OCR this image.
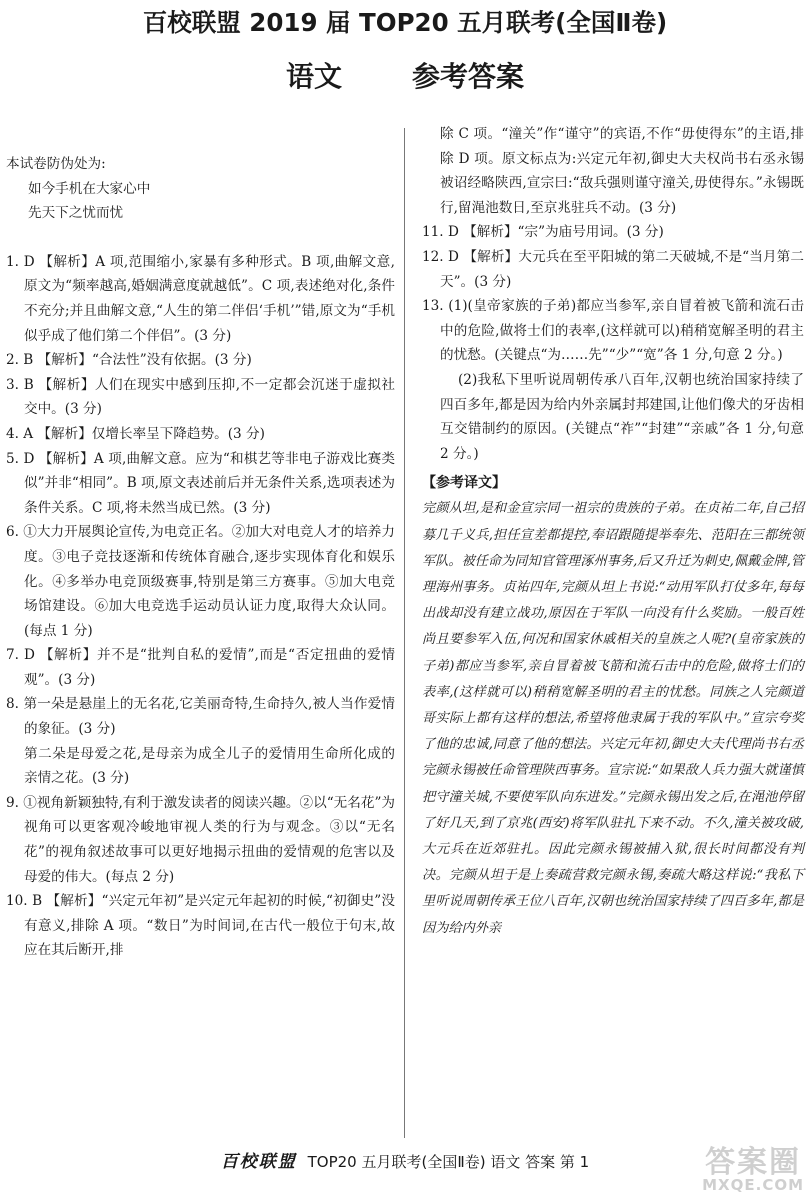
百校联盟 2019 届 TOP20 五月联考(全国Ⅱ卷)
语文	参考答案

本试卷防伪处为:

如今手机在大家心中

先天下之忧而忧

1. D 【解析】A 项,范围缩小,家暴有多种形式。B 项,曲解文意,原文为“频率越高,婚姻满意度就越低”。C 项,表述绝对化,条件不充分;并且曲解文意,“人生的第二伴侣‘手机’”错,原文为“手机似乎成了他们第二个伴侣”。(3 分)

2. B 【解析】“合法性”没有依据。(3 分)

3. B 【解析】人们在现实中感到压抑,不一定都会沉迷于虚拟社交中。(3 分)

4. A 【解析】仅增长率呈下降趋势。(3 分)

5. D 【解析】A 项,曲解文意。应为“和棋艺等非电子游戏比赛类似”并非“相同”。B 项,原文表述前后并无条件关系,选项表述为条件关系。C 项,将未然当成已然。(3 分)

6. ①大力开展舆论宣传,为电竞正名。②加大对电竞人才的培养力度。③电子竞技逐渐和传统体育融合,逐步实现体育化和娱乐化。④多举办电竞顶级赛事,特别是第三方赛事。⑤加大电竞场馆建设。⑥加大电竞选手运动员认证力度,取得大众认同。(每点 1 分)

7. D 【解析】并不是“批判自私的爱情”,而是“否定扭曲的爱情观”。(3 分)

8. 第一朵是悬崖上的无名花,它美丽奇特,生命持久,被人当作爱情的象征。(3 分)

第二朵是母爱之花,是母亲为成全儿子的爱情用生命所化成的亲情之花。(3 分)

9. ①视角新颖独特,有利于激发读者的阅读兴趣。②以“无名花”为视角可以更客观冷峻地审视人类的行为与观念。③以“无名花”的视角叙述故事可以更好地揭示扭曲的爱情观的危害以及母爱的伟大。(每点 2 分)

10. B 【解析】“兴定元年初”是兴定元年起初的时候,“初御史”没有意义,排除 A 项。“数日”为时间词,在古代一般位于句末,故应在其后断开,排

除 C 项。“潼关”作“谨守”的宾语,不作“毋使得东”的主语,排除 D 项。原文标点为:兴定元年初,御史大夫权尚书右丞永锡被诏经略陕西,宣宗曰:“敌兵强则谨守潼关,毋使得东。”永锡既行,留渑池数日,至京兆驻兵不动。(3 分)

11. D 【解析】“宗”为庙号用词。(3 分)

12. D 【解析】大元兵在至平阳城的第二天破城,不是“当月第二天”。(3 分)

13. (1)(皇帝家族的子弟)都应当参军,亲自冒着被飞箭和流石击中的危险,做将士们的表率,(这样就可以)稍稍宽解圣明的君主的忧愁。(关键点“为……先”“少”“宽”各 1 分,句意 2 分。)

(2)我私下里听说周朝传承八百年,汉朝也统治国家持续了四百多年,都是因为给内外亲属封邦建国,让他们像犬的牙齿相互交错制约的原因。(关键点“祚”“封建”“亲戚”各 1 分,句意 2 分。)

【参考译文】

完颜从坦,是和金宣宗同一祖宗的贵族的子弟。在贞祐二年,自己招募几千义兵,担任宣差都提控,奉诏跟随提举奉先、范阳在三都统领军队。被任命为同知官管理涿州事务,后又升迁为刺史,佩戴金牌,管理海州事务。贞祐四年,完颜从坦上书说:“动用军队打仗多年,每每出战却没有建立战功,原因在于军队一向没有什么奖励。一般百姓尚且要参军入伍,何况和国家休戚相关的皇族之人呢?(皇帝家族的子弟)都应当参军,亲自冒着被飞箭和流石击中的危险,做将士们的表率,(这样就可以)稍稍宽解圣明的君主的忧愁。同族之人完颜道哥实际上都有这样的想法,希望将他隶属于我的军队中。”宣宗夸奖了他的忠诚,同意了他的想法。兴定元年初,御史大夫代理尚书右丞完颜永锡被任命管理陕西事务。宣宗说:“如果敌人兵力强大就谨慎把守潼关城,不要使军队向东进发。”完颜永锡出发之后,在渑池停留了好几天,到了京兆(西安)将军队驻扎下来不动。不久,潼关被攻破,大元兵在近郊驻扎。因此完颜永锡被捕入狱,很长时间都没有判决。完颜从坦于是上奏疏营救完颜永锡,奏疏大略这样说:“我私下里听说周朝传承王位八百年,汉朝也统治国家持续了四百多年,都是因为给内外亲

百校联盟 TOP20 五月联考(全国Ⅱ卷) 语文 答案 第 1	答案圈
MXQE.COM
